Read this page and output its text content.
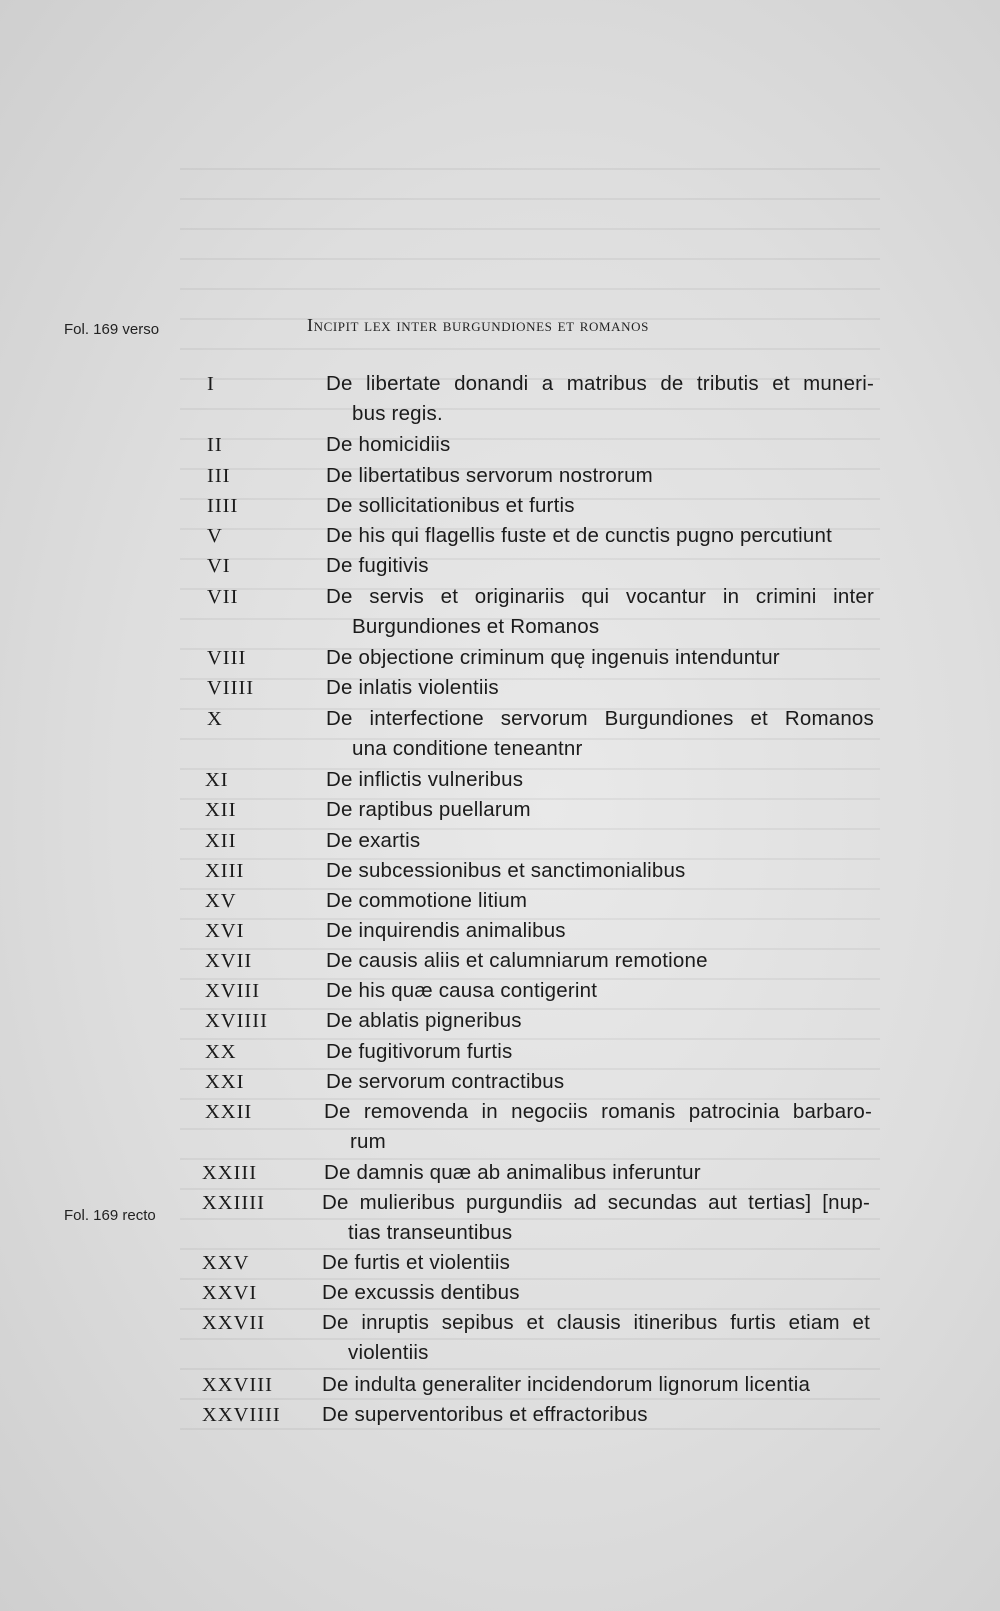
Fol. 169 verso
Fol. 169 recto
Incipit lex inter burgundiones et romanos
I	De libertate donandi a matribus de tributis et muneri-
bus regis.
II	De homicidiis
III	De libertatibus servorum nostrorum
IIII	De sollicitationibus et furtis
V	De his qui flagellis fuste et de cunctis pugno percutiunt
VI	De fugitivis
VII	De servis et originariis qui vocantur in crimini inter
Burgundiones et Romanos
VIII	De objectione criminum quę ingenuis intenduntur
VIIII	De inlatis violentiis
X	De interfectione servorum Burgundiones et Romanos
una conditione teneantnr
XI	De inflictis vulneribus
XII	De raptibus puellarum
XII	De exartis
XIII	De subcessionibus et sanctimonialibus
XV	De commotione litium
XVI	De inquirendis animalibus
XVII	De causis aliis et calumniarum remotione
XVIII	De his quæ causa contigerint
XVIIII	De ablatis pigneribus
XX	De fugitivorum furtis
XXI	De servorum contractibus
XXII	De removenda in negociis romanis patrocinia barbaro-
rum
XXIII	De damnis quæ ab animalibus inferuntur
XXIIII	De mulieribus purgundiis ad secundas aut tertias] [nup-
tias transeuntibus
XXV	De furtis et violentiis
XXVI	De excussis dentibus
XXVII	De inruptis sepibus et clausis itineribus furtis etiam et
violentiis
XXVIII De indulta generaliter incidendorum lignorum licentia
XXVIIII De superventoribus et effractoribus
